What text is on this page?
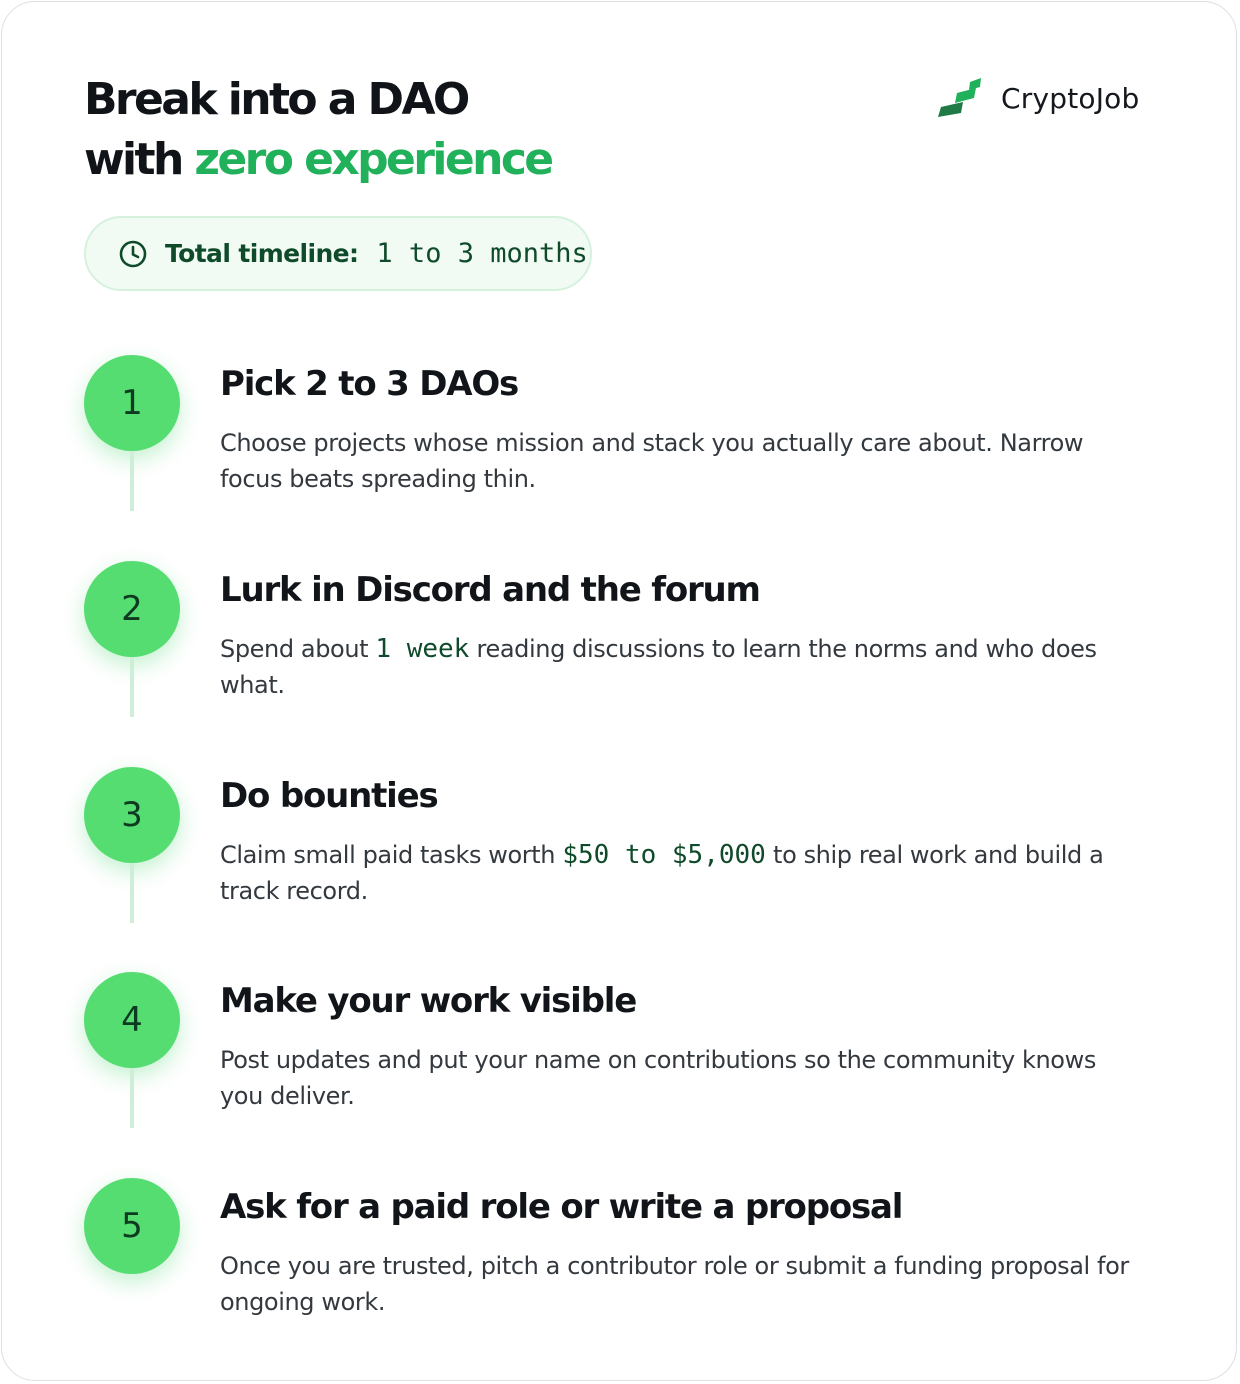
Break into a DAO
with zero experience
CryptoJob
Total timeline: 1 to 3 months
1	Pick 2 to 3 DAOs

Choose projects whose mission and stack you actually care about. Narrow focus beats spreading thin.

2	Lurk in Discord and the forum

Spend about 1 week reading discussions to learn the norms and who does what.

3	Do bounties

Claim small paid tasks worth $50 to $5,000 to ship real work and build a track record.

4	Make your work visible

Post updates and put your name on contributions so the community knows you deliver.

5	Ask for a paid role or write a proposal

Once you are trusted, pitch a contributor role or submit a funding proposal for ongoing work.
